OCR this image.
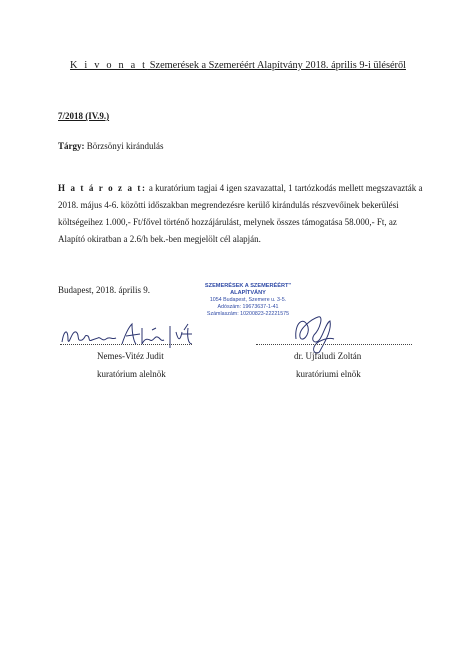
K i v o n a t Szemerések a Szemeréért Alapítvány 2018. április 9-i üléséről
7/2018 (IV.9.)
Tárgy: Börzsönyi kirándulás
H a t á r o z a t: a kuratórium tagjai 4 igen szavazattal, 1 tartózkodás mellett megszavazták a 2018. május 4-6. közötti időszakban megrendezésre kerülő kirándulás részvevőinek bekerülési költségeihez 1.000,- Ft/fővel történő hozzájárulást, melynek összes támogatása 58.000,- Ft, az Alapító okiratban a 2.6/h bek.-ben megjelölt cél alapján.
Budapest, 2018. április 9.	SZEMERÉSEK A SZEMERÉÉRT"
ALAPÍTVÁNY
1054 Budapest, Szemere u. 3-5.
Adószám: 19673637-1-41
Számlaszám: 10200823-22221575
Nemes-Vitéz Judit
kuratórium alelnök
dr. Ujfaludi Zoltán
kuratóriumi elnök
